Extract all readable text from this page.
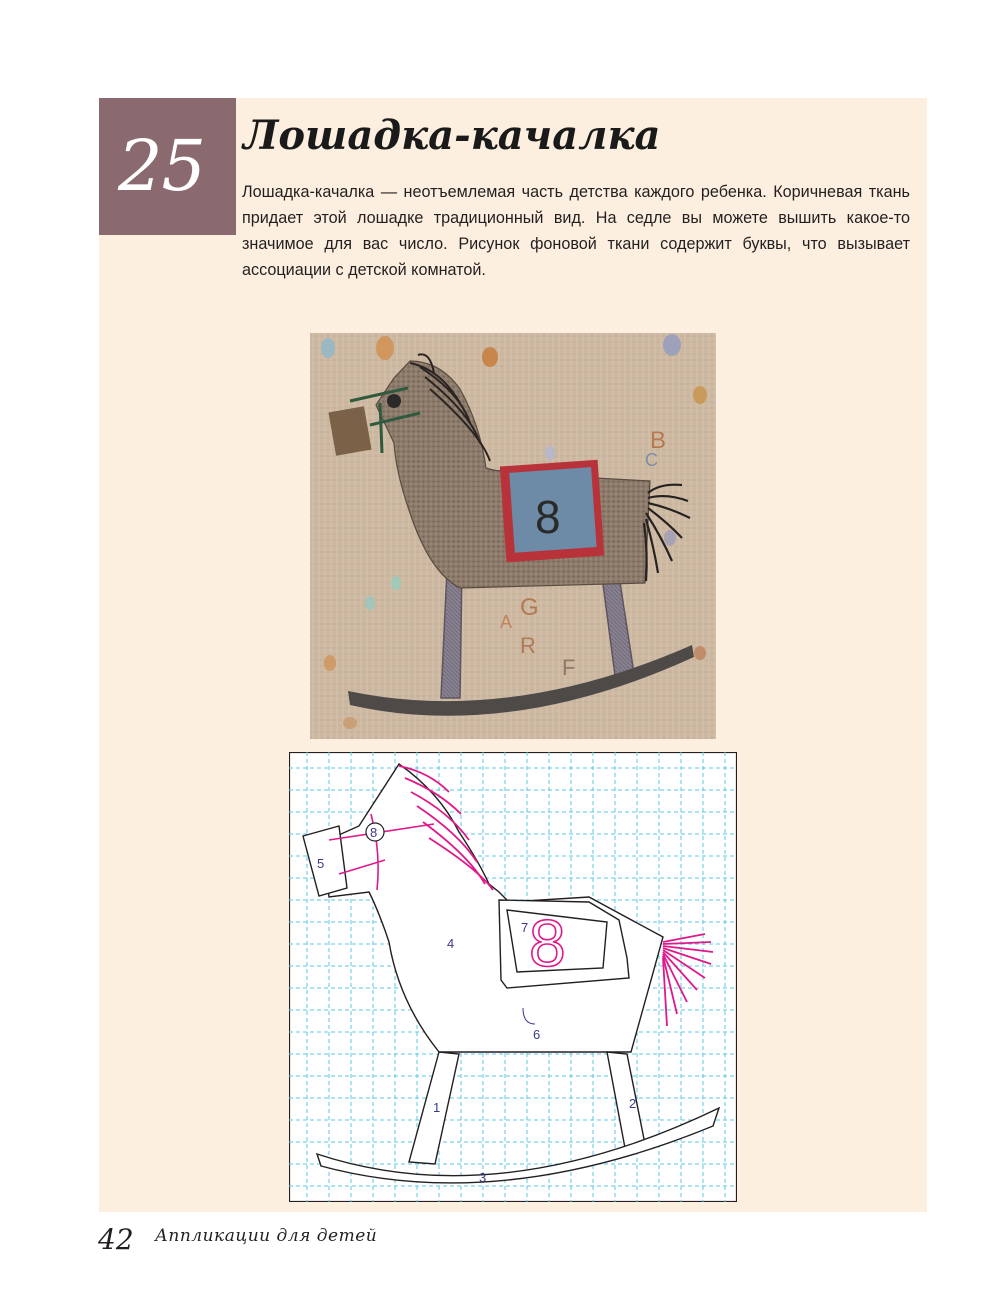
25 Лошадка-качалка
Лошадка-качалка — неотъемлемая часть детства каждого ребенка. Коричневая ткань придает этой лошадке традиционный вид. На седле вы можете вышить какое-то значимое для вас число. Рисунок фоновой ткани содержит буквы, что вызывает ассоциации с детской комнатой.
B
C
G
R
F
A
8
8
8
1	2
3
4
5
6
7
42 Аппликации для детей
